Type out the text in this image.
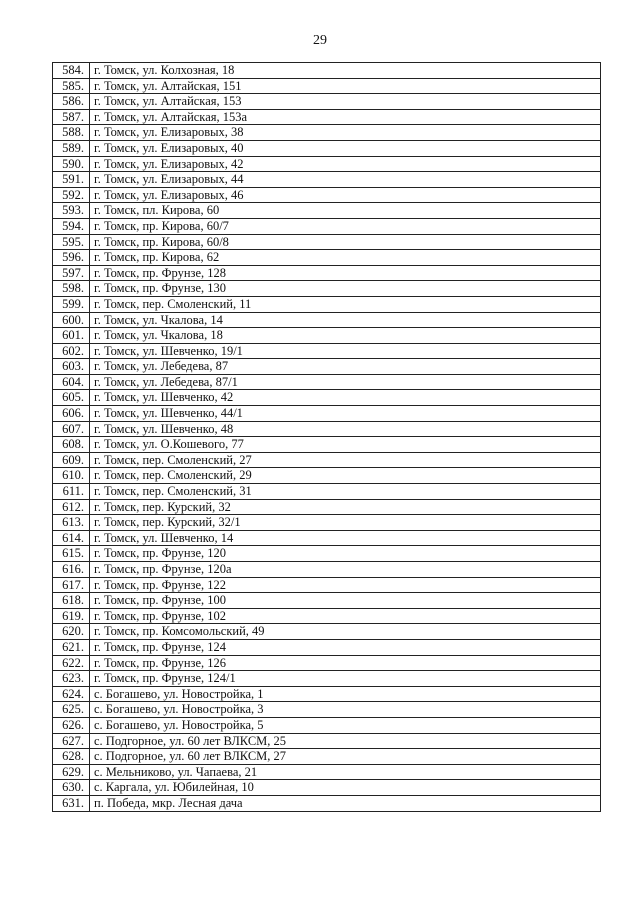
29
584.	г. Томск, ул. Колхозная, 18
585.	г. Томск, ул. Алтайская, 151
586.	г. Томск, ул. Алтайская, 153
587.	г. Томск, ул. Алтайская, 153а
588.	г. Томск, ул. Елизаровых, 38
589.	г. Томск, ул. Елизаровых, 40
590.	г. Томск, ул. Елизаровых, 42
591.	г. Томск, ул. Елизаровых, 44
592.	г. Томск, ул. Елизаровых, 46
593.	г. Томск, пл. Кирова, 60
594.	г. Томск, пр. Кирова, 60/7
595.	г. Томск, пр. Кирова, 60/8
596.	г. Томск, пр. Кирова, 62
597.	г. Томск, пр. Фрунзе, 128
598.	г. Томск, пр. Фрунзе, 130
599.	г. Томск, пер. Смоленский, 11
600.	г. Томск, ул. Чкалова, 14
601.	г. Томск, ул. Чкалова, 18
602.	г. Томск, ул. Шевченко, 19/1
603.	г. Томск, ул. Лебедева, 87
604.	г. Томск, ул. Лебедева, 87/1
605.	г. Томск, ул. Шевченко, 42
606.	г. Томск, ул. Шевченко, 44/1
607.	г. Томск, ул. Шевченко, 48
608.	г. Томск, ул. О.Кошевого, 77
609.	г. Томск, пер. Смоленский, 27
610.	г. Томск, пер. Смоленский, 29
611.	г. Томск, пер. Смоленский, 31
612.	г. Томск, пер. Курский, 32
613.	г. Томск, пер. Курский, 32/1
614.	г. Томск, ул. Шевченко, 14
615.	г. Томск, пр. Фрунзе, 120
616.	г. Томск, пр. Фрунзе, 120а
617.	г. Томск, пр. Фрунзе, 122
618.	г. Томск, пр. Фрунзе, 100
619.	г. Томск, пр. Фрунзе, 102
620.	г. Томск, пр. Комсомольский, 49
621.	г. Томск, пр. Фрунзе, 124
622.	г. Томск, пр. Фрунзе, 126
623.	г. Томск, пр. Фрунзе, 124/1
624.	с. Богашево, ул. Новостройка, 1
625.	с. Богашево, ул. Новостройка, 3
626.	с. Богашево, ул. Новостройка, 5
627.	с. Подгорное, ул. 60 лет ВЛКСМ, 25
628.	с. Подгорное, ул. 60 лет ВЛКСМ, 27
629.	с. Мельниково, ул. Чапаева, 21
630.	с. Каргала, ул. Юбилейная, 10
631.	п. Победа, мкр. Лесная дача
